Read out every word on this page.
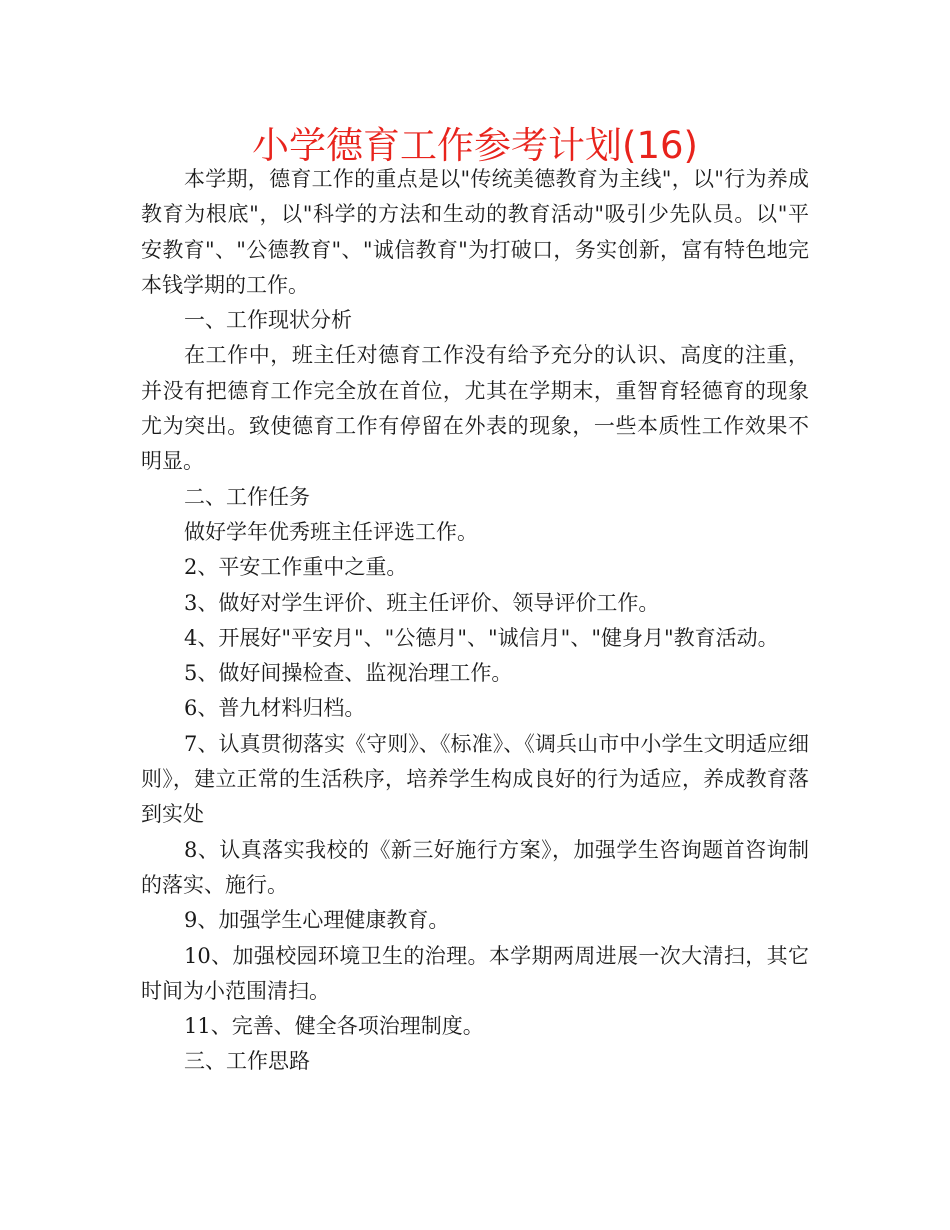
小学德育工作参考计划(16)

本学期，德育工作的重点是以"传统美德教育为主线"，以"行为养成教育为根底"，以"科学的方法和生动的教育活动"吸引少先队员。以"平安教育"、"公德教育"、"诚信教育"为打破口，务实创新，富有特色地完本钱学期的工作。

一、工作现状分析

在工作中，班主任对德育工作没有给予充分的认识、高度的注重，并没有把德育工作完全放在首位，尤其在学期末，重智育轻德育的现象尤为突出。致使德育工作有停留在外表的现象，一些本质性工作效果不明显。

二、工作任务

做好学年优秀班主任评选工作。

2、平安工作重中之重。

3、做好对学生评价、班主任评价、领导评价工作。

4、开展好"平安月"、"公德月"、"诚信月"、"健身月"教育活动。

5、做好间操检查、监视治理工作。

6、普九材料归档。

7、认真贯彻落实《守则》、《标准》、《调兵山市中小学生文明适应细则》，建立正常的生活秩序，培养学生构成良好的行为适应，养成教育落到实处

8、认真落实我校的《新三好施行方案》，加强学生咨询题首咨询制的落实、施行。

9、加强学生心理健康教育。

10、加强校园环境卫生的治理。本学期两周进展一次大清扫，其它时间为小范围清扫。

11、完善、健全各项治理制度。

三、工作思路
